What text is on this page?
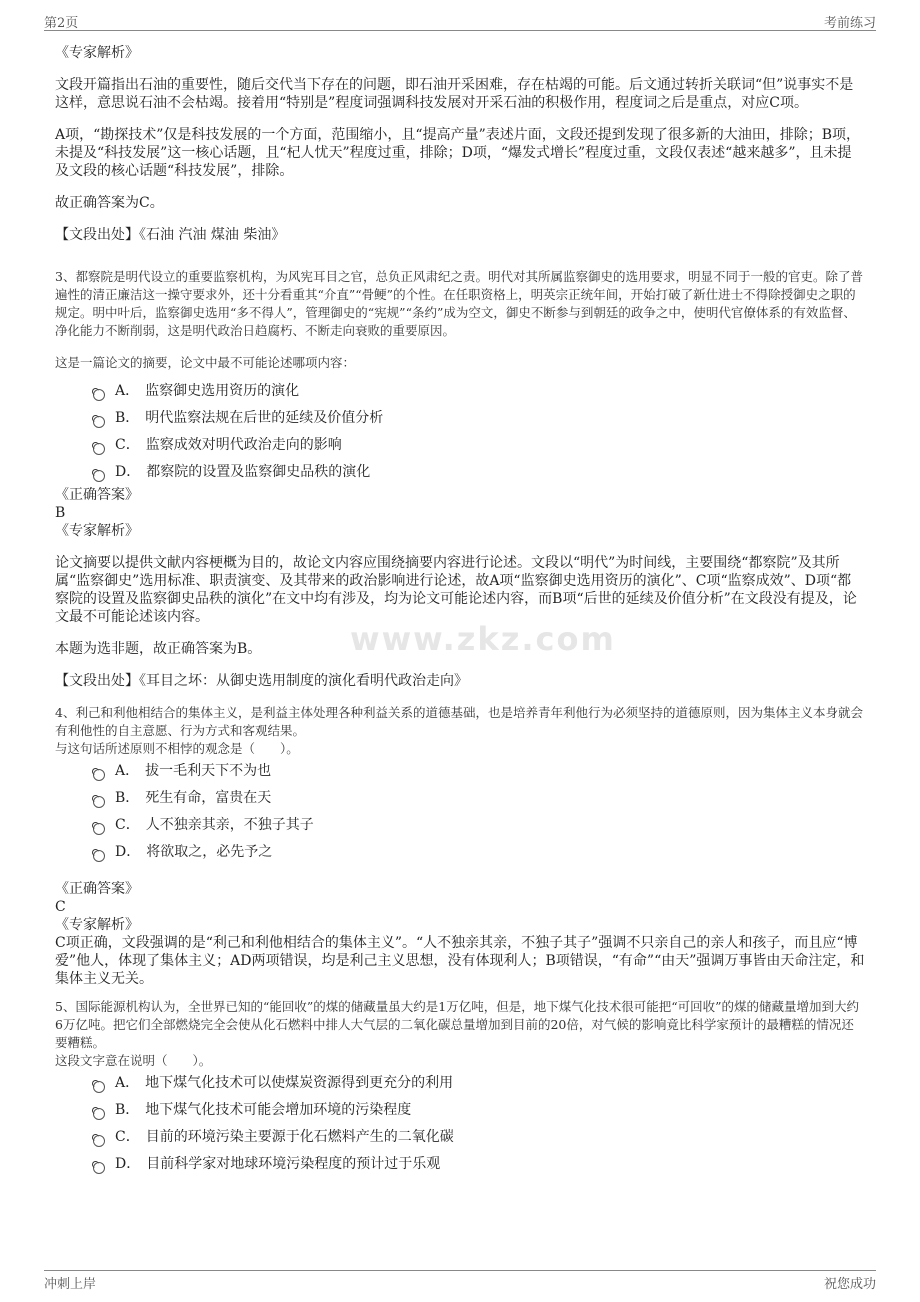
第2页	考前练习
www.zkz.com

《专家解析》

文段开篇指出石油的重要性，随后交代当下存在的问题，即石油开采困难，存在枯竭的可能。后文通过转折关联词“但”说事实不是这样，意思说石油不会枯竭。接着用“特别是”程度词强调科技发展对开采石油的积极作用，程度词之后是重点，对应C项。

A项，“勘探技术”仅是科技发展的一个方面，范围缩小，且“提高产量”表述片面，文段还提到发现了很多新的大油田，排除；B项，未提及“科技发展”这一核心话题，且“杞人忧天”程度过重，排除；D项，“爆发式增长”程度过重，文段仅表述“越来越多”，且未提及文段的核心话题“科技发展”，排除。

故正确答案为C。

【文段出处】《石油 汽油 煤油 柴油》

3、都察院是明代设立的重要监察机构，为风宪耳目之官，总负正风肃纪之责。明代对其所属监察御史的选用要求，明显不同于一般的官吏。除了普遍性的清正廉洁这一操守要求外，还十分看重其“介直”“骨鲠”的个性。在任职资格上，明英宗正统年间，开始打破了新仕进士不得除授御史之职的规定。明中叶后，监察御史选用“多不得人”，管理御史的“宪规”“条约”成为空文，御史不断参与到朝廷的政争之中，使明代官僚体系的有效监督、净化能力不断削弱，这是明代政治日趋腐朽、不断走向衰败的重要原因。

这是一篇论文的摘要，论文中最不可能论述哪项内容：

A． 监察御史选用资历的演化
B． 明代监察法规在后世的延续及价值分析
C． 监察成效对明代政治走向的影响
D． 都察院的设置及监察御史品秩的演化

《正确答案》

B

《专家解析》

论文摘要以提供文献内容梗概为目的，故论文内容应围绕摘要内容进行论述。文段以“明代”为时间线，主要围绕“都察院”及其所属“监察御史”选用标准、职责演变、及其带来的政治影响进行论述，故A项“监察御史选用资历的演化”、C项“监察成效”、D项“都察院的设置及监察御史品秩的演化”在文中均有涉及，均为论文可能论述内容，而B项“后世的延续及价值分析”在文段没有提及，论文最不可能论述该内容。

本题为选非题，故正确答案为B。

【文段出处】《耳目之坏：从御史选用制度的演化看明代政治走向》

4、利己和利他相结合的集体主义，是利益主体处理各种利益关系的道德基础，也是培养青年利他行为必须坚持的道德原则，因为集体主义本身就会有利他性的自主意愿、行为方式和客观结果。

与这句话所述原则不相悖的观念是（　　）。

A． 拔一毛利天下不为也
B． 死生有命，富贵在天
C． 人不独亲其亲，不独子其子
D． 将欲取之，必先予之

《正确答案》

C

《专家解析》

C项正确，文段强调的是“利己和利他相结合的集体主义”。“人不独亲其亲，不独子其子”强调不只亲自己的亲人和孩子，而且应“博爱”他人，体现了集体主义；AD两项错误，均是利己主义思想，没有体现利人；B项错误，“有命”“由天”强调万事皆由天命注定，和集体主义无关。

5、国际能源机构认为，全世界已知的“能回收”的煤的储藏量虽大约是1万亿吨，但是，地下煤气化技术很可能把“可回收”的煤的储藏量增加到大约6万亿吨。把它们全部燃烧完全会使从化石燃料中排人大气层的二氧化碳总量增加到目前的20倍，对气候的影响竟比科学家预计的最糟糕的情况还要糟糕。

这段文字意在说明（　　）。

A． 地下煤气化技术可以使煤炭资源得到更充分的利用
B． 地下煤气化技术可能会增加环境的污染程度
C． 目前的环境污染主要源于化石燃料产生的二氧化碳
D． 目前科学家对地球环境污染程度的预计过于乐观
冲刺上岸	祝您成功
